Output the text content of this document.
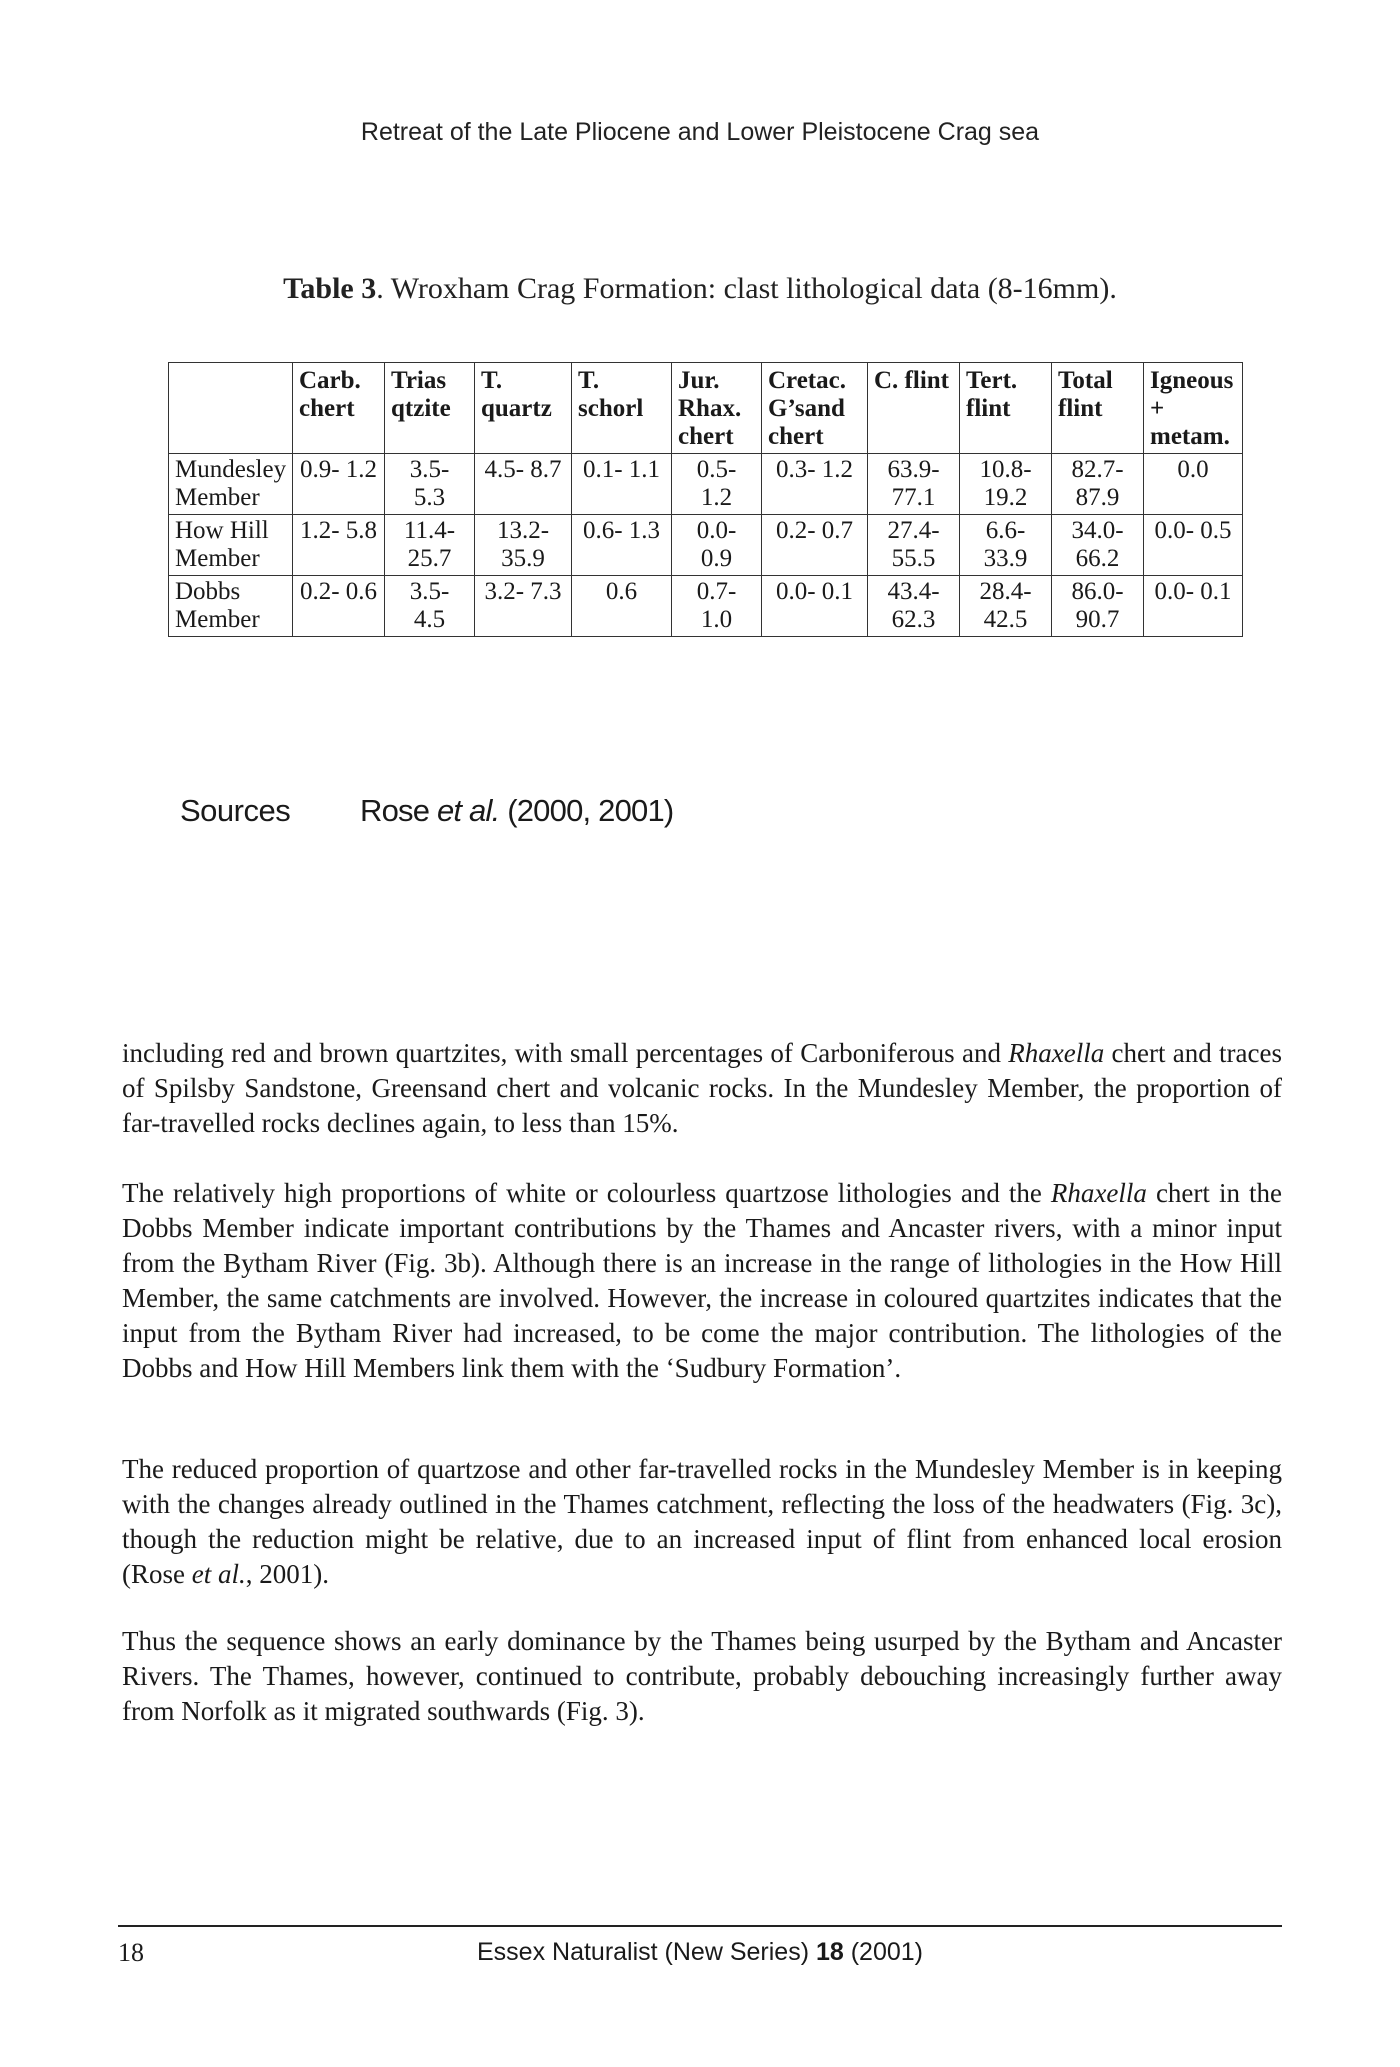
Retreat of the Late Pliocene and Lower Pleistocene Crag sea
Table 3. Wroxham Crag Formation: clast lithological data (8-16mm).
	Carb. chert	Trias qtzite	T. quartz	T. schorl	Jur. Rhax. chert	Cretac. G’sand chert	C. flint	Tert. flint	Total flint	Igneous + metam.
Mundesley Member	0.9- 1.2	3.5- 5.3	4.5- 8.7	0.1- 1.1	0.5- 1.2	0.3- 1.2	63.9- 77.1	10.8- 19.2	82.7- 87.9	0.0
How Hill Member	1.2- 5.8	11.4- 25.7	13.2- 35.9	0.6- 1.3	0.0- 0.9	0.2- 0.7	27.4- 55.5	6.6- 33.9	34.0- 66.2	0.0- 0.5
Dobbs Member	0.2- 0.6	3.5- 4.5	3.2- 7.3	0.6	0.7- 1.0	0.0- 0.1	43.4- 62.3	28.4- 42.5	86.0- 90.7	0.0- 0.1
Sources Rose et al. (2000, 2001)

including red and brown quartzites, with small percentages of Carboniferous and Rhaxella chert and traces of Spilsby Sandstone, Greensand chert and volcanic rocks. In the Mundesley Member, the proportion of far-travelled rocks declines again, to less than 15%.

The relatively high proportions of white or colourless quartzose lithologies and the Rhaxella chert in the Dobbs Member indicate important contributions by the Thames and Ancaster rivers, with a minor input from the Bytham River (Fig. 3b). Although there is an increase in the range of lithologies in the How Hill Member, the same catchments are involved. However, the increase in coloured quartzites indicates that the input from the Bytham River had increased, to be come the major contribution. The lithologies of the Dobbs and How Hill Members link them with the ‘Sudbury Formation’.

The reduced proportion of quartzose and other far-travelled rocks in the Mundesley Member is in keeping with the changes already outlined in the Thames catchment, reflecting the loss of the headwaters (Fig. 3c), though the reduction might be relative, due to an increased input of flint from enhanced local erosion (Rose et al., 2001).

Thus the sequence shows an early dominance by the Thames being usurped by the Bytham and Ancaster Rivers. The Thames, however, continued to contribute, probably debouching increasingly further away from Norfolk as it migrated southwards (Fig. 3).

18	Essex Naturalist (New Series) 18 (2001)
